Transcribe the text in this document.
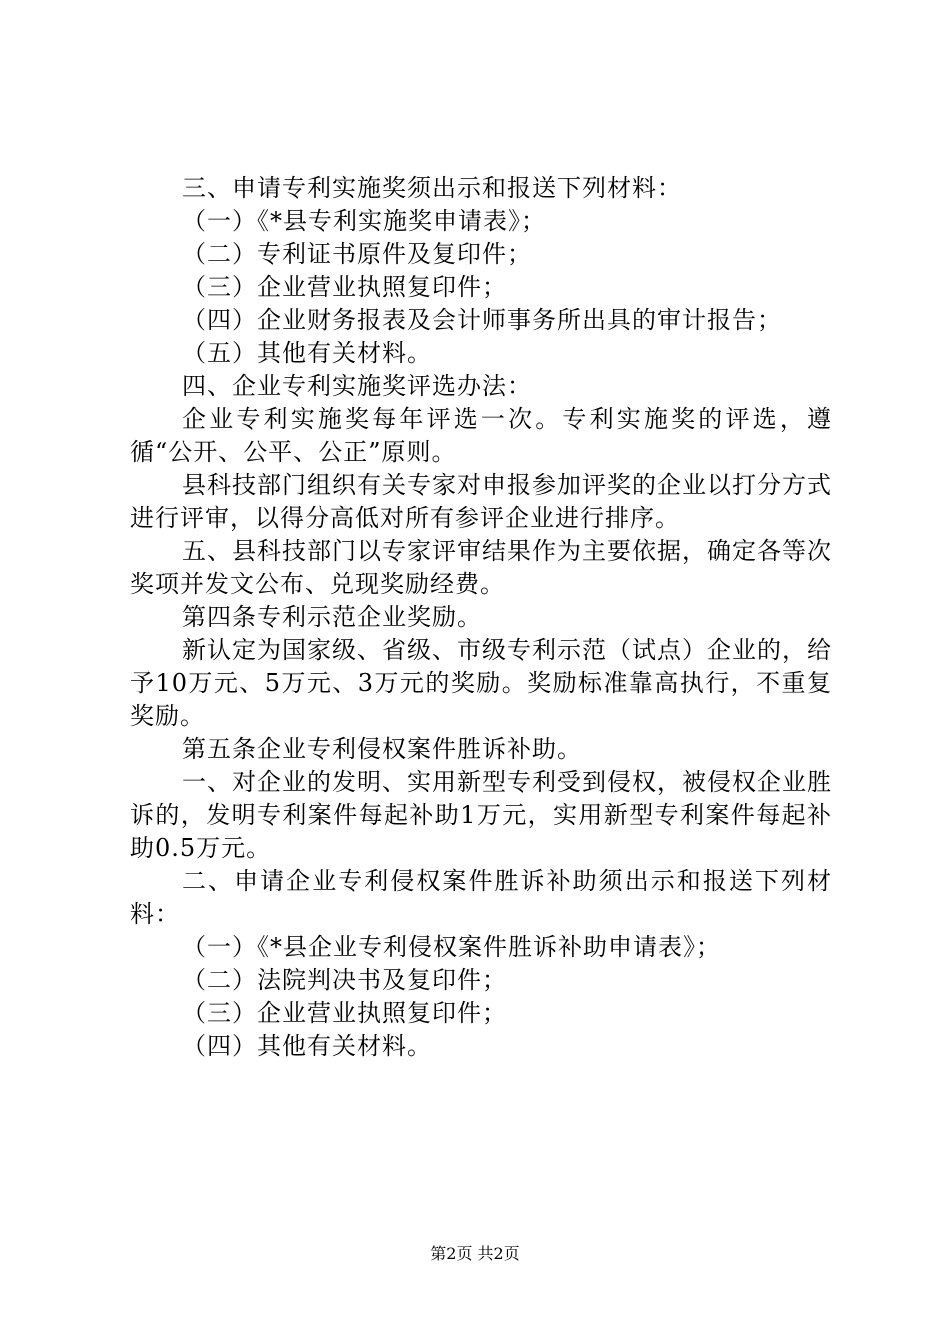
三、申请专利实施奖须出示和报送下列材料：

（一）《*县专利实施奖申请表》；

（二）专利证书原件及复印件；

（三）企业营业执照复印件；

（四）企业财务报表及会计师事务所出具的审计报告；

（五）其他有关材料。

四、企业专利实施奖评选办法：

企业专利实施奖每年评选一次。专利实施奖的评选，遵循“公开、公平、公正”原则。

县科技部门组织有关专家对申报参加评奖的企业以打分方式进行评审，以得分高低对所有参评企业进行排序。

五、县科技部门以专家评审结果作为主要依据，确定各等次奖项并发文公布、兑现奖励经费。

第四条专利示范企业奖励。

新认定为国家级、省级、市级专利示范（试点）企业的，给予10万元、5万元、3万元的奖励。奖励标准靠高执行，不重复奖励。

第五条企业专利侵权案件胜诉补助。

一、对企业的发明、实用新型专利受到侵权，被侵权企业胜诉的，发明专利案件每起补助1万元，实用新型专利案件每起补助0.5万元。

二、申请企业专利侵权案件胜诉补助须出示和报送下列材料：

（一）《*县企业专利侵权案件胜诉补助申请表》；

（二）法院判决书及复印件；

（三）企业营业执照复印件；

（四）其他有关材料。

第2页 共2页
